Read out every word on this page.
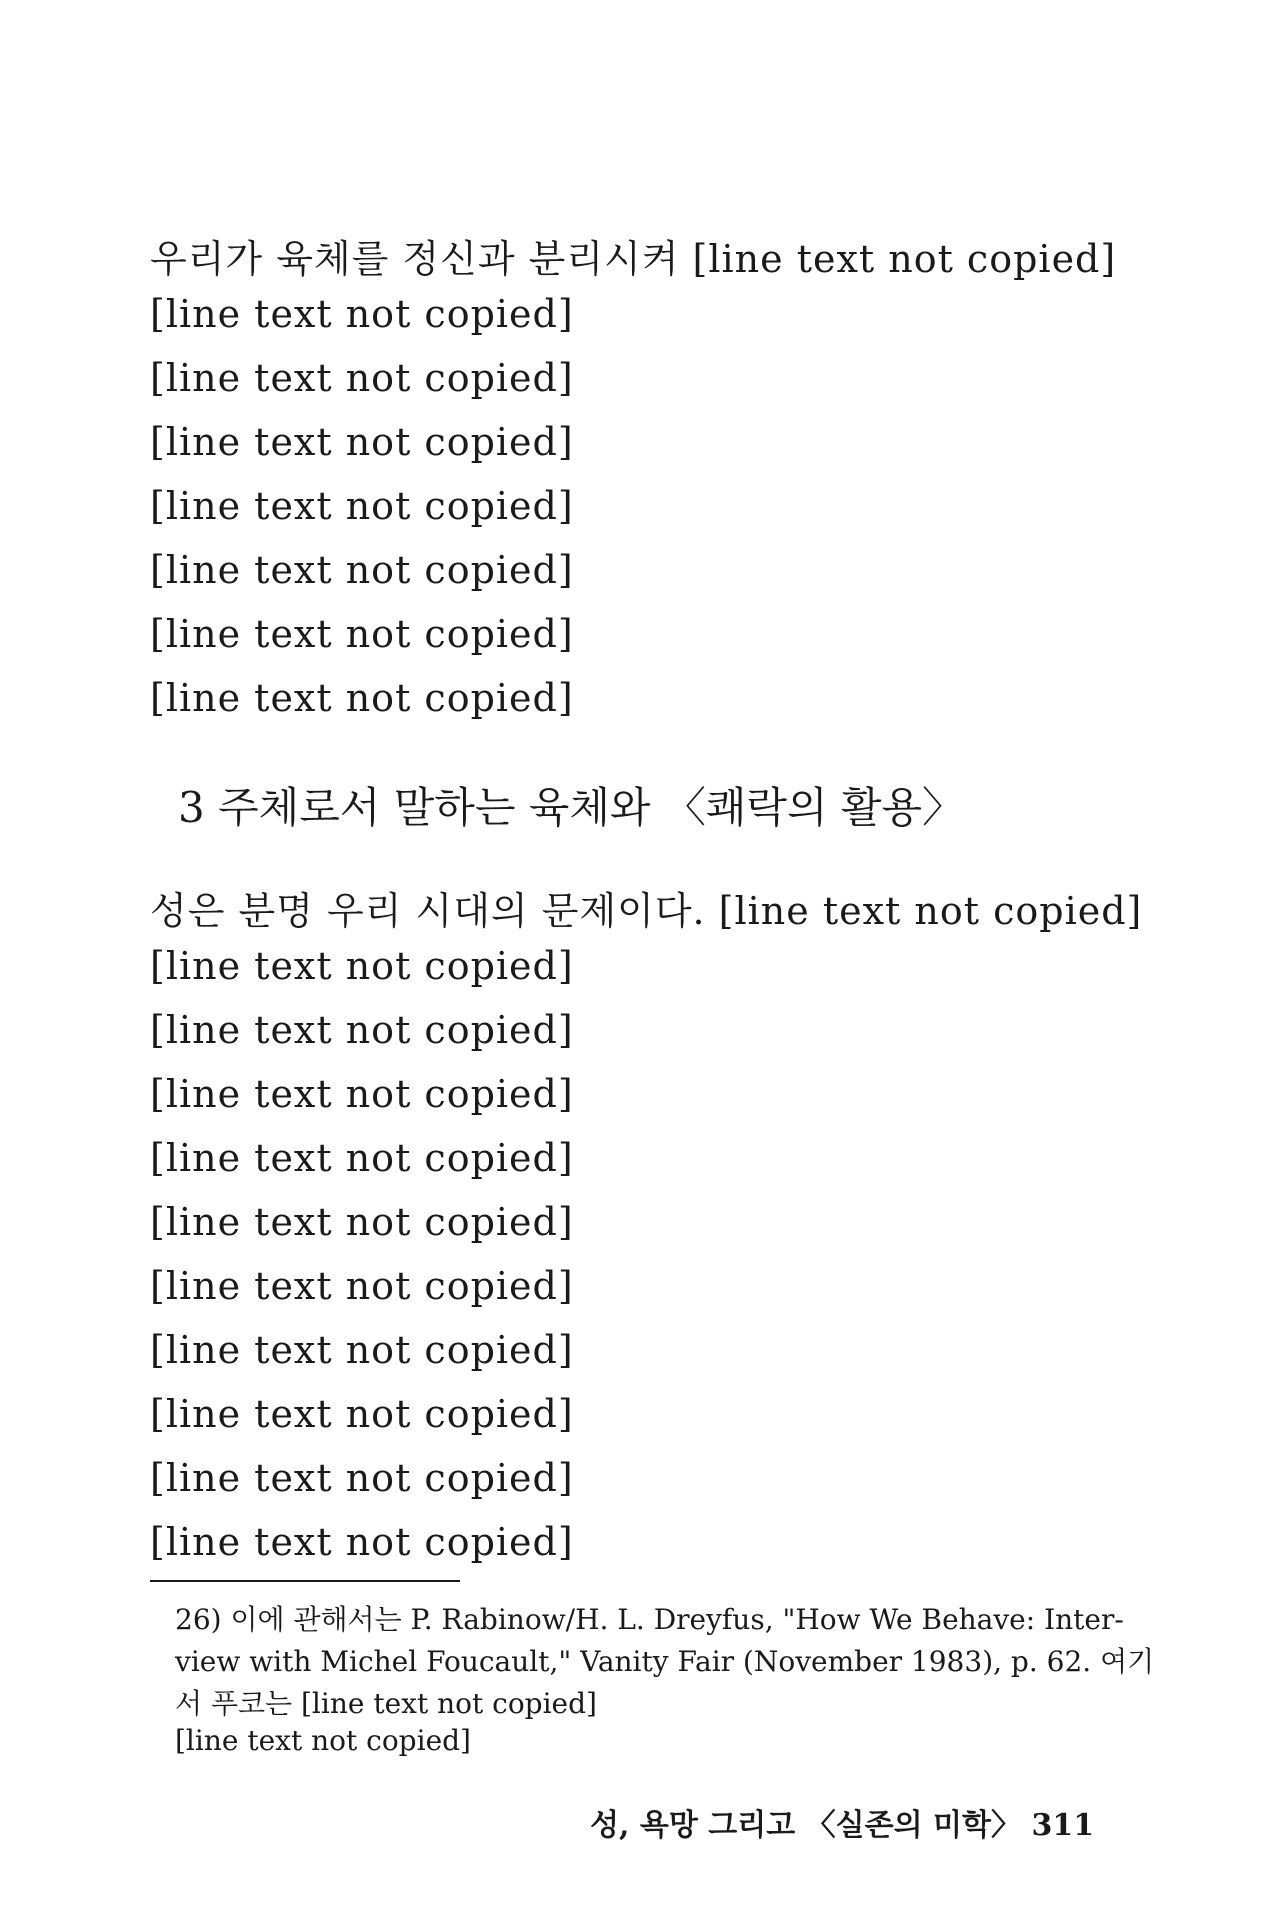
우리가 육체를 정신과 분리시켜 [line text not copied]
[line text not copied]
[line text not copied]
[line text not copied]
[line text not copied]
[line text not copied]
[line text not copied]
[line text not copied]
3 주체로서 말하는 육체와 〈쾌락의 활용〉
성은 분명 우리 시대의 문제이다. [line text not copied]
[line text not copied]
[line text not copied]
[line text not copied]
[line text not copied]
[line text not copied]
[line text not copied]
[line text not copied]
[line text not copied]
[line text not copied]
[line text not copied]
26) 이에 관해서는 P. Rabinow/H. L. Dreyfus, "How We Behave: Inter-
view with Michel Foucault," Vanity Fair (November 1983), p. 62. 여기
서 푸코는 [line text not copied]
[line text not copied]
성, 욕망 그리고 〈실존의 미학〉 311
